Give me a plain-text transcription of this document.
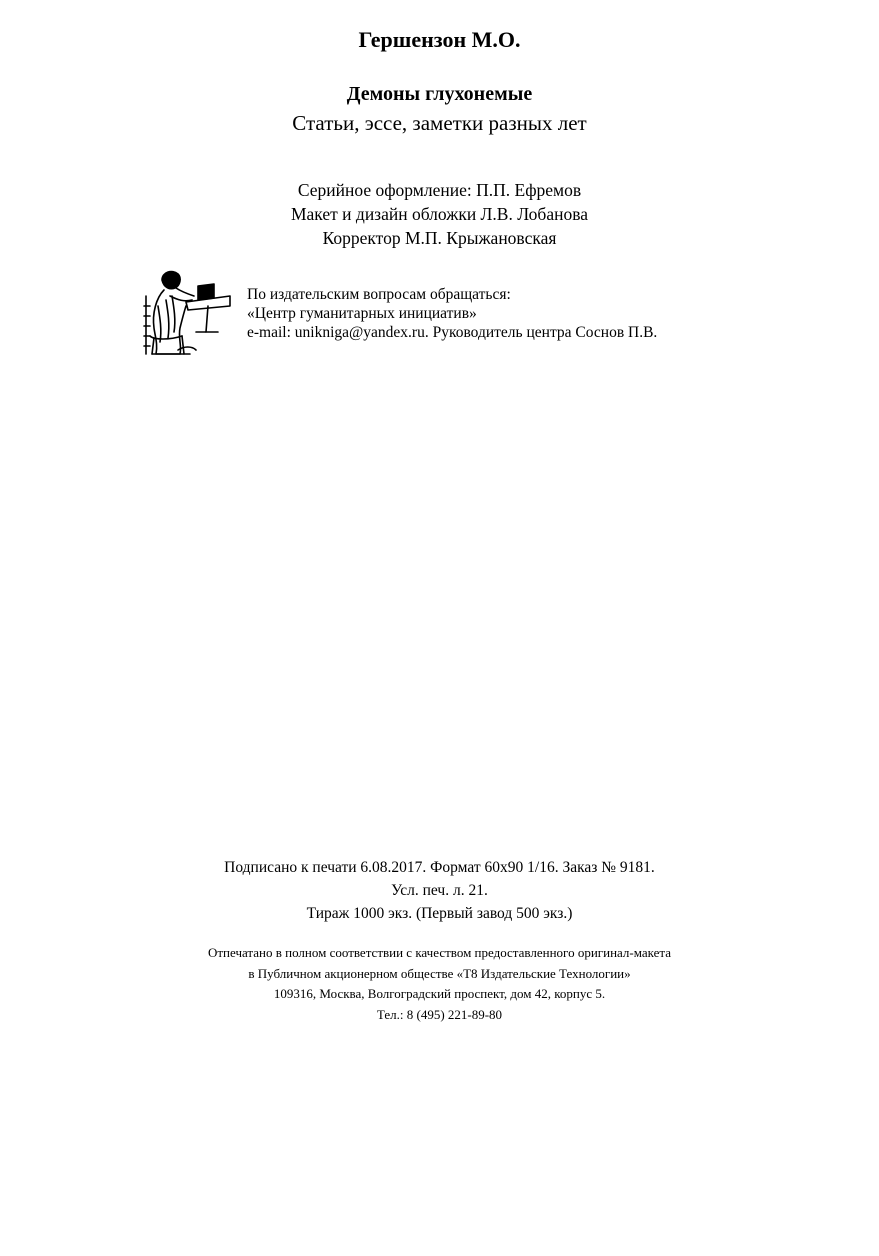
Гершензон М.О.
Демоны глухонемые
Статьи, эссе, заметки разных лет
Серийное оформление: П.П. Ефремов
Макет и дизайн обложки Л.В. Лобанова
Корректор М.П. Крыжановская
По издательским вопросам обращаться:
«Центр гуманитарных инициатив»
e-mail: unikniga@yandex.ru. Руководитель центра Соснов П.В.
Подписано к печати 6.08.2017. Формат 60х90 1/16. Заказ № 9181.
Усл. печ. л. 21.
Тираж 1000 экз. (Первый завод 500 экз.)
Отпечатано в полном соответствии с качеством предоставленного оригинал-макета
в Публичном акционерном обществе «Т8 Издательские Технологии»
109316, Москва, Волгоградский проспект, дом 42, корпус 5.
Тел.: 8 (495) 221-89-80
